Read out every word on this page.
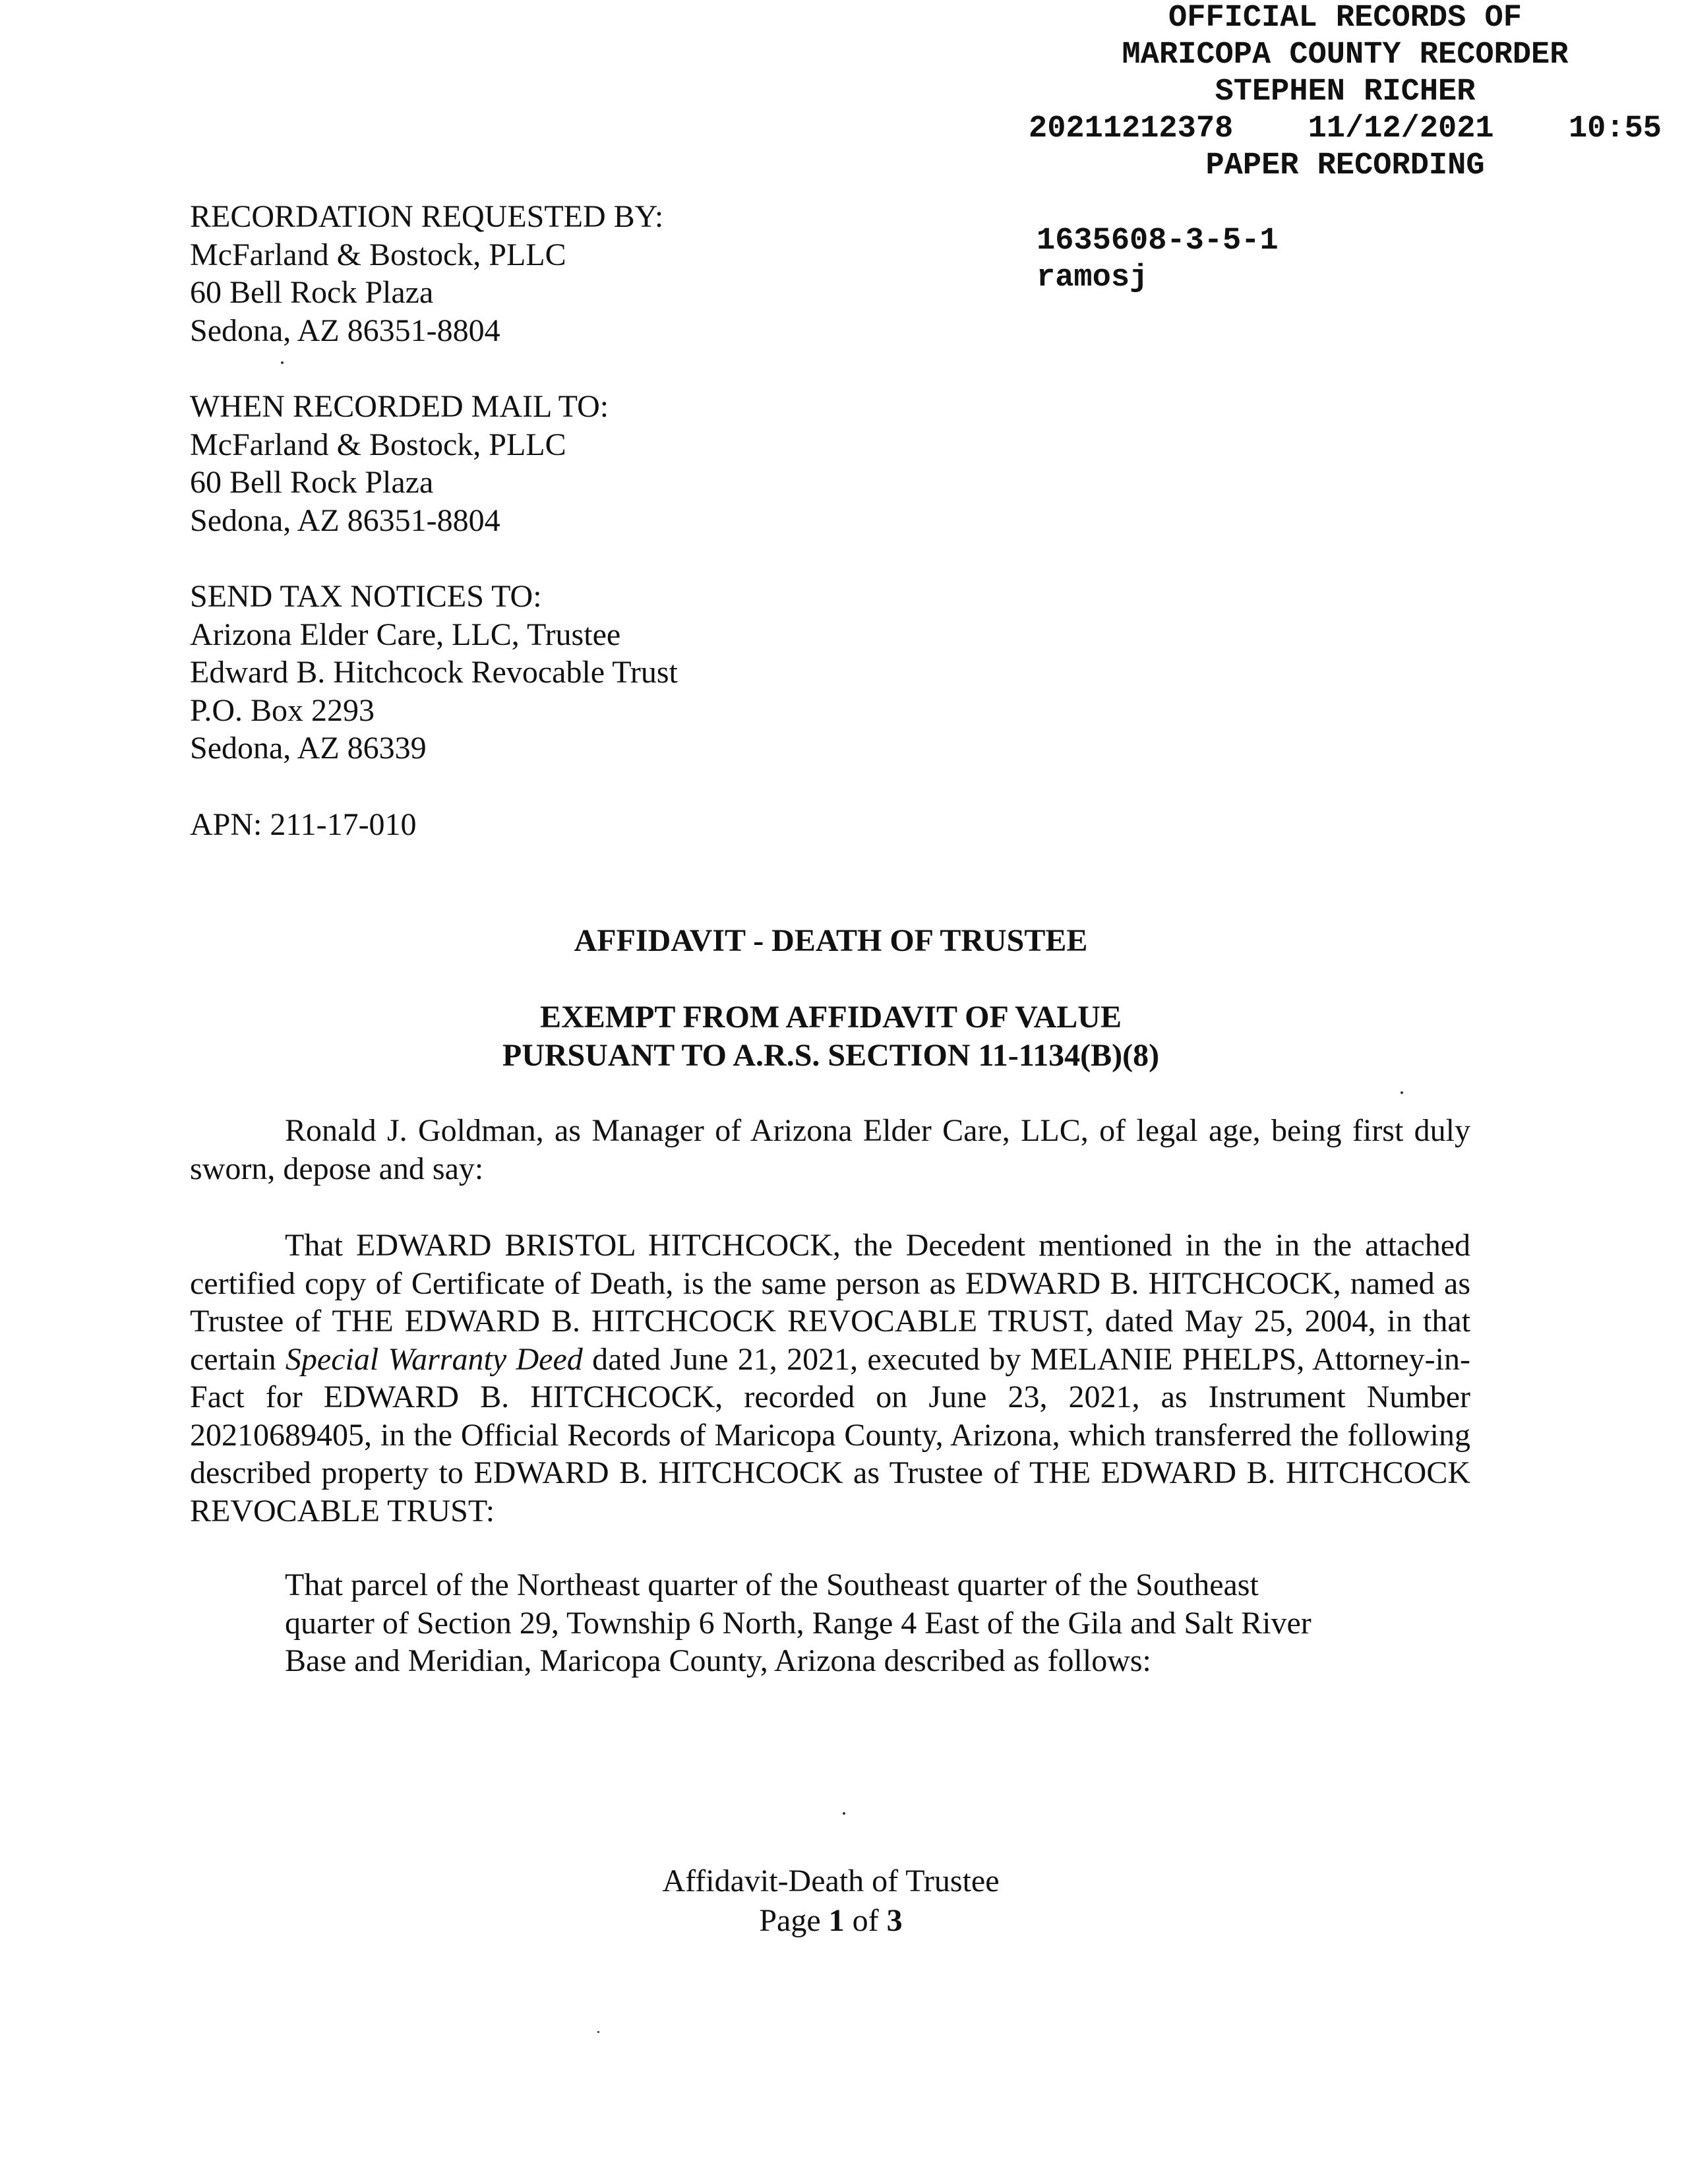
OFFICIAL RECORDS OF
MARICOPA COUNTY RECORDER
STEPHEN RICHER
20211212378 11/12/2021 10:55
PAPER RECORDING
1635608-3-5-1
ramosj
RECORDATION REQUESTED BY:
McFarland & Bostock, PLLC
60 Bell Rock Plaza
Sedona, AZ 86351-8804
WHEN RECORDED MAIL TO:
McFarland & Bostock, PLLC
60 Bell Rock Plaza
Sedona, AZ 86351-8804
SEND TAX NOTICES TO:
Arizona Elder Care, LLC, Trustee
Edward B. Hitchcock Revocable Trust
P.O. Box 2293
Sedona, AZ 86339
APN: 211-17-010
AFFIDAVIT - DEATH OF TRUSTEE
EXEMPT FROM AFFIDAVIT OF VALUE
PURSUANT TO A.R.S. SECTION 11-1134(B)(8)

Ronald J. Goldman, as Manager of Arizona Elder Care, LLC, of legal age, being first duly sworn, depose and say:

That EDWARD BRISTOL HITCHCOCK, the Decedent mentioned in the in the attached certified copy of Certificate of Death, is the same person as EDWARD B. HITCHCOCK, named as Trustee of THE EDWARD B. HITCHCOCK REVOCABLE TRUST, dated May 25, 2004, in that certain Special Warranty Deed dated June 21, 2021, executed by MELANIE PHELPS, Attorney-in-Fact for EDWARD B. HITCHCOCK, recorded on June 23, 2021, as Instrument Number 20210689405, in the Official Records of Maricopa County, Arizona, which transferred the following described property to EDWARD B. HITCHCOCK as Trustee of THE EDWARD B. HITCHCOCK REVOCABLE TRUST:

That parcel of the Northeast quarter of the Southeast quarter of the Southeast
quarter of Section 29, Township 6 North, Range 4 East of the Gila and Salt River
Base and Meridian, Maricopa County, Arizona described as follows:
Affidavit-Death of Trustee
Page 1 of 3
